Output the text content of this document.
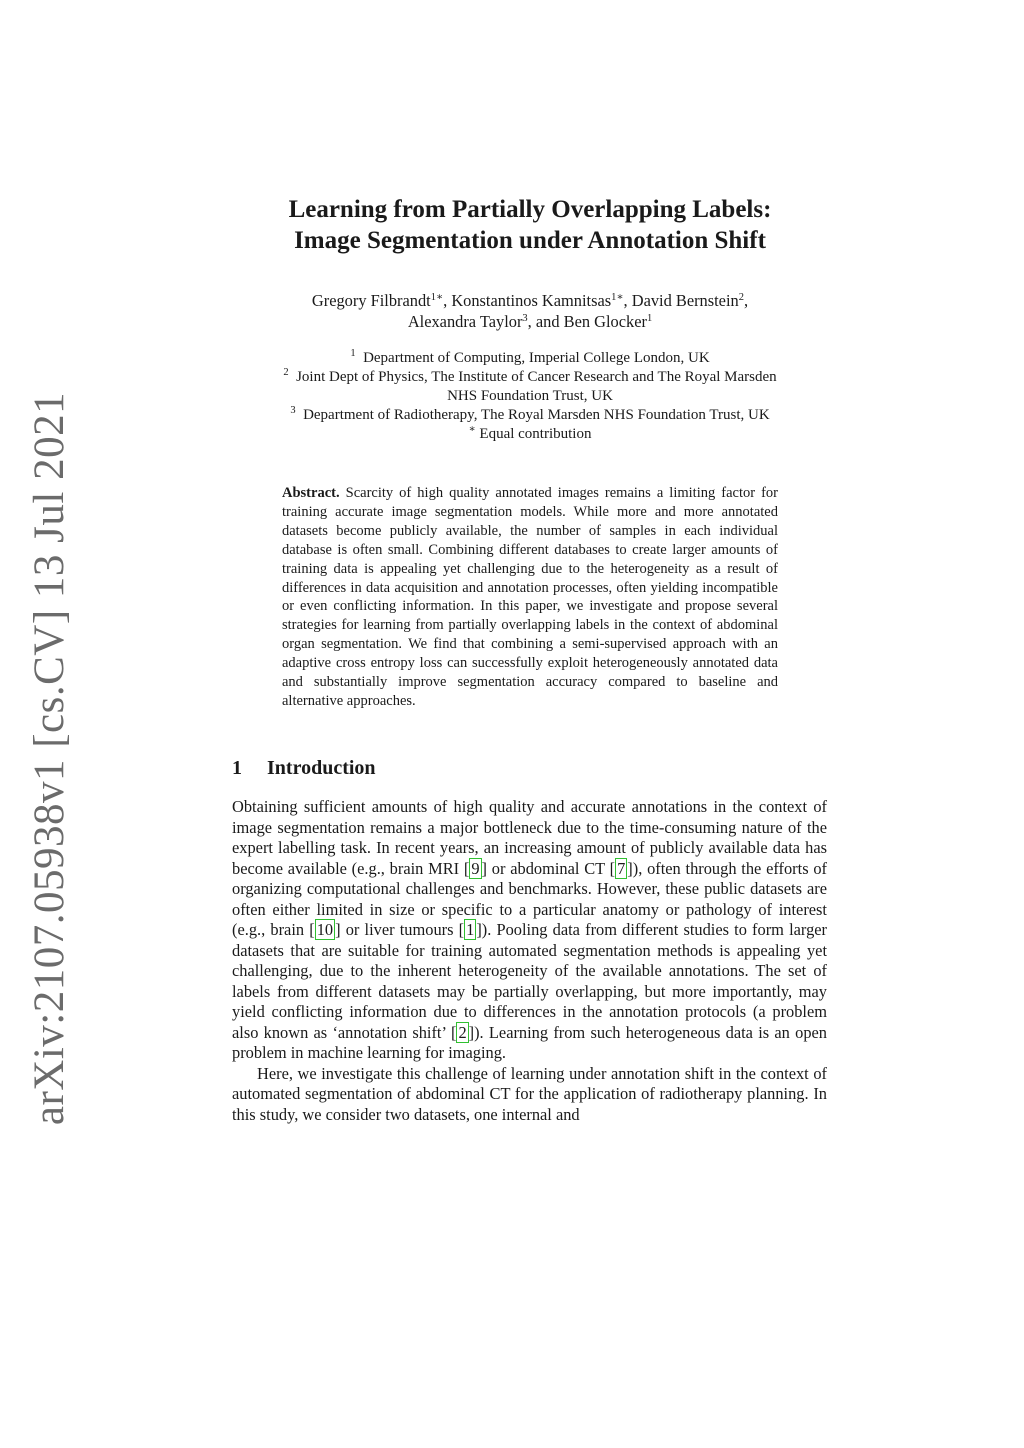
arXiv:2107.05938v1 [cs.CV] 13 Jul 2021
Learning from Partially Overlapping Labels:
Image Segmentation under Annotation Shift
Gregory Filbrandt$^{1∗}$, Konstantinos Kamnitsas$^{1∗}$, David Bernstein$^2$,
Alexandra Taylor$^3$, and Ben Glocker$^1$
$^1$ Department of Computing, Imperial College London, UK
$^2$ Joint Dept of Physics, The Institute of Cancer Research and The Royal Marsden
NHS Foundation Trust, UK
$^3$ Department of Radiotherapy, The Royal Marsden NHS Foundation Trust, UK
∗ Equal contribution
Abstract. Scarcity of high quality annotated images remains a limiting factor for training accurate image segmentation models. While more and more annotated datasets become publicly available, the number of samples in each individual database is often small. Combining different databases to create larger amounts of training data is appealing yet challenging due to the heterogeneity as a result of differences in data acquisition and annotation processes, often yielding incompatible or even conflicting information. In this paper, we investigate and propose several strategies for learning from partially overlapping labels in the context of abdominal organ segmentation. We find that combining a semi-supervised approach with an adaptive cross entropy loss can successfully exploit heterogeneously annotated data and substantially improve segmentation accuracy compared to baseline and alternative approaches.
1 Introduction

Obtaining sufficient amounts of high quality and accurate annotations in the context of image segmentation remains a major bottleneck due to the time-consuming nature of the expert labelling task. In recent years, an increasing amount of publicly available data has become available (e.g., brain MRI [ 9 ] or abdominal CT [ 7 ]), often through the efforts of organizing computational challenges and benchmarks. However, these public datasets are often either limited in size or specific to a particular anatomy or pathology of interest (e.g., brain [ 10 ] or liver tumours [ 1 ]). Pooling data from different studies to form larger datasets that are suitable for training automated segmentation methods is appealing yet challenging, due to the inherent heterogeneity of the available annotations. The set of labels from different datasets may be partially overlapping, but more importantly, may yield conflicting information due to differences in the annotation protocols (a problem also known as ‘annotation shift’ [ 2 ]). Learning from such heterogeneous data is an open problem in machine learning for imaging.

Here, we investigate this challenge of learning under annotation shift in the context of automated segmentation of abdominal CT for the application of radiotherapy planning. In this study, we consider two datasets, one internal and
